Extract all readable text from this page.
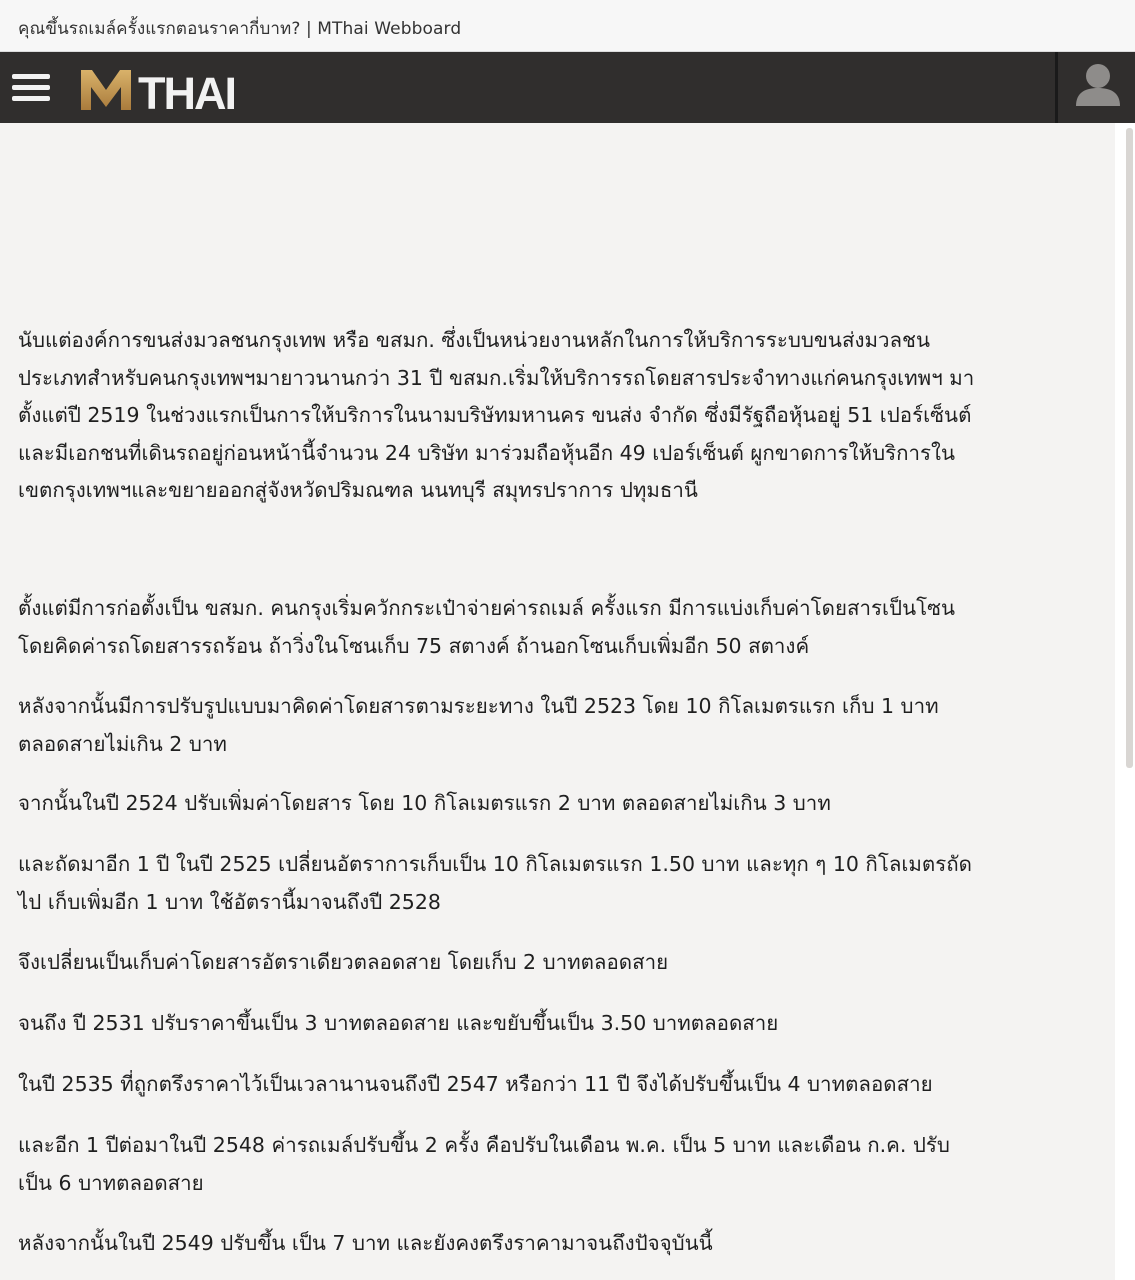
คุณขึ้นรถเมล์ครั้งแรกตอนราคากี่บาท? | MThai Webboard
THAI
นับแต่องค์การขนส่งมวลชนกรุงเทพ หรือ ขสมก. ซึ่งเป็นหน่วยงานหลักในการให้บริการระบบขนส่งมวลชน
ประเภทสำหรับคนกรุงเทพฯมายาวนานกว่า 31 ปี ขสมก.เริ่มให้บริการรถโดยสารประจำทางแก่คนกรุงเทพฯ มา
ตั้งแต่ปี 2519 ในช่วงแรกเป็นการให้บริการในนามบริษัทมหานคร ขนส่ง จำกัด ซึ่งมีรัฐถือหุ้นอยู่ 51 เปอร์เซ็นต์
และมีเอกชนที่เดินรถอยู่ก่อนหน้านี้จำนวน 24 บริษัท มาร่วมถือหุ้นอีก 49 เปอร์เซ็นต์ ผูกขาดการให้บริการใน
เขตกรุงเทพฯและขยายออกสู่จังหวัดปริมณฑล นนทบุรี สมุทรปราการ ปทุมธานี
ตั้งแต่มีการก่อตั้งเป็น ขสมก. คนกรุงเริ่มควักกระเป๋าจ่ายค่ารถเมล์ ครั้งแรก มีการแบ่งเก็บค่าโดยสารเป็นโซน
โดยคิดค่ารถโดยสารรถร้อน ถ้าวิ่งในโซนเก็บ 75 สตางค์ ถ้านอกโซนเก็บเพิ่มอีก 50 สตางค์
หลังจากนั้นมีการปรับรูปแบบมาคิดค่าโดยสารตามระยะทาง ในปี 2523 โดย 10 กิโลเมตรแรก เก็บ 1 บาท
ตลอดสายไม่เกิน 2 บาท
จากนั้นในปี 2524 ปรับเพิ่มค่าโดยสาร โดย 10 กิโลเมตรแรก 2 บาท ตลอดสายไม่เกิน 3 บาท
และถัดมาอีก 1 ปี ในปี 2525 เปลี่ยนอัตราการเก็บเป็น 10 กิโลเมตรแรก 1.50 บาท และทุก ๆ 10 กิโลเมตรถัด
ไป เก็บเพิ่มอีก 1 บาท ใช้อัตรานี้มาจนถึงปี 2528
จึงเปลี่ยนเป็นเก็บค่าโดยสารอัตราเดียวตลอดสาย โดยเก็บ 2 บาทตลอดสาย
จนถึง ปี 2531 ปรับราคาขึ้นเป็น 3 บาทตลอดสาย และขยับขึ้นเป็น 3.50 บาทตลอดสาย
ในปี 2535 ที่ถูกตรึงราคาไว้เป็นเวลานานจนถึงปี 2547 หรือกว่า 11 ปี จึงได้ปรับขึ้นเป็น 4 บาทตลอดสาย
และอีก 1 ปีต่อมาในปี 2548 ค่ารถเมล์ปรับขึ้น 2 ครั้ง คือปรับในเดือน พ.ค. เป็น 5 บาท และเดือน ก.ค. ปรับ
เป็น 6 บาทตลอดสาย
หลังจากนั้นในปี 2549 ปรับขึ้น เป็น 7 บาท และยังคงตรึงราคามาจนถึงปัจจุบันนี้
